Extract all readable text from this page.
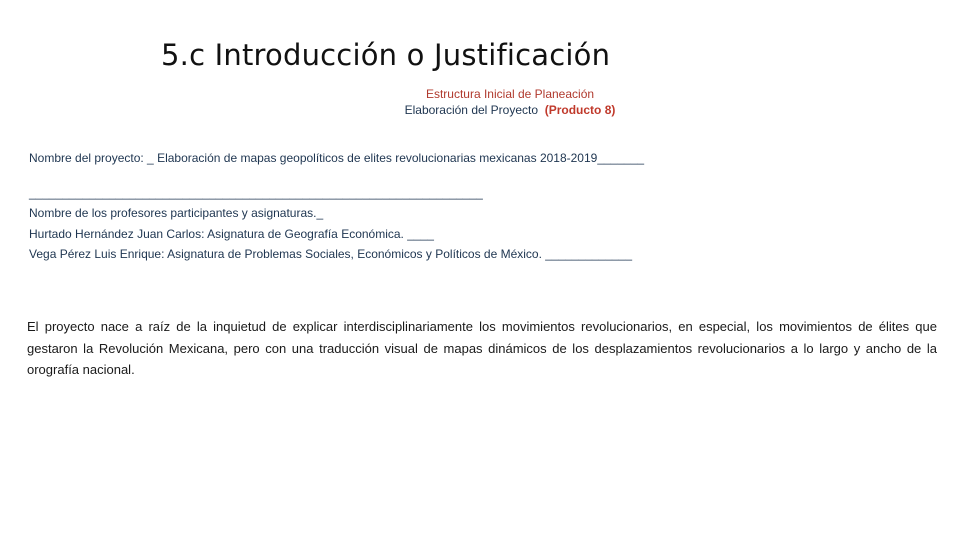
5.c Introducción o Justificación
Estructura Inicial de Planeación
Elaboración del Proyecto (Producto 8)
Nombre del proyecto: _ Elaboración de mapas geopolíticos de elites revolucionarias mexicanas 2018-2019_______
____________________________________________________________________
Nombre de los profesores participantes y asignaturas._
Hurtado Hernández Juan Carlos: Asignatura de Geografía Económica. ____
Vega Pérez Luis Enrique: Asignatura de Problemas Sociales, Económicos y Políticos de México. _____________
El proyecto nace a raíz de la inquietud de explicar interdisciplinariamente los movimientos revolucionarios, en especial, los movimientos de élites que gestaron la Revolución Mexicana, pero con una traducción visual de mapas dinámicos de los desplazamientos revolucionarios a lo largo y ancho de la orografía nacional.
